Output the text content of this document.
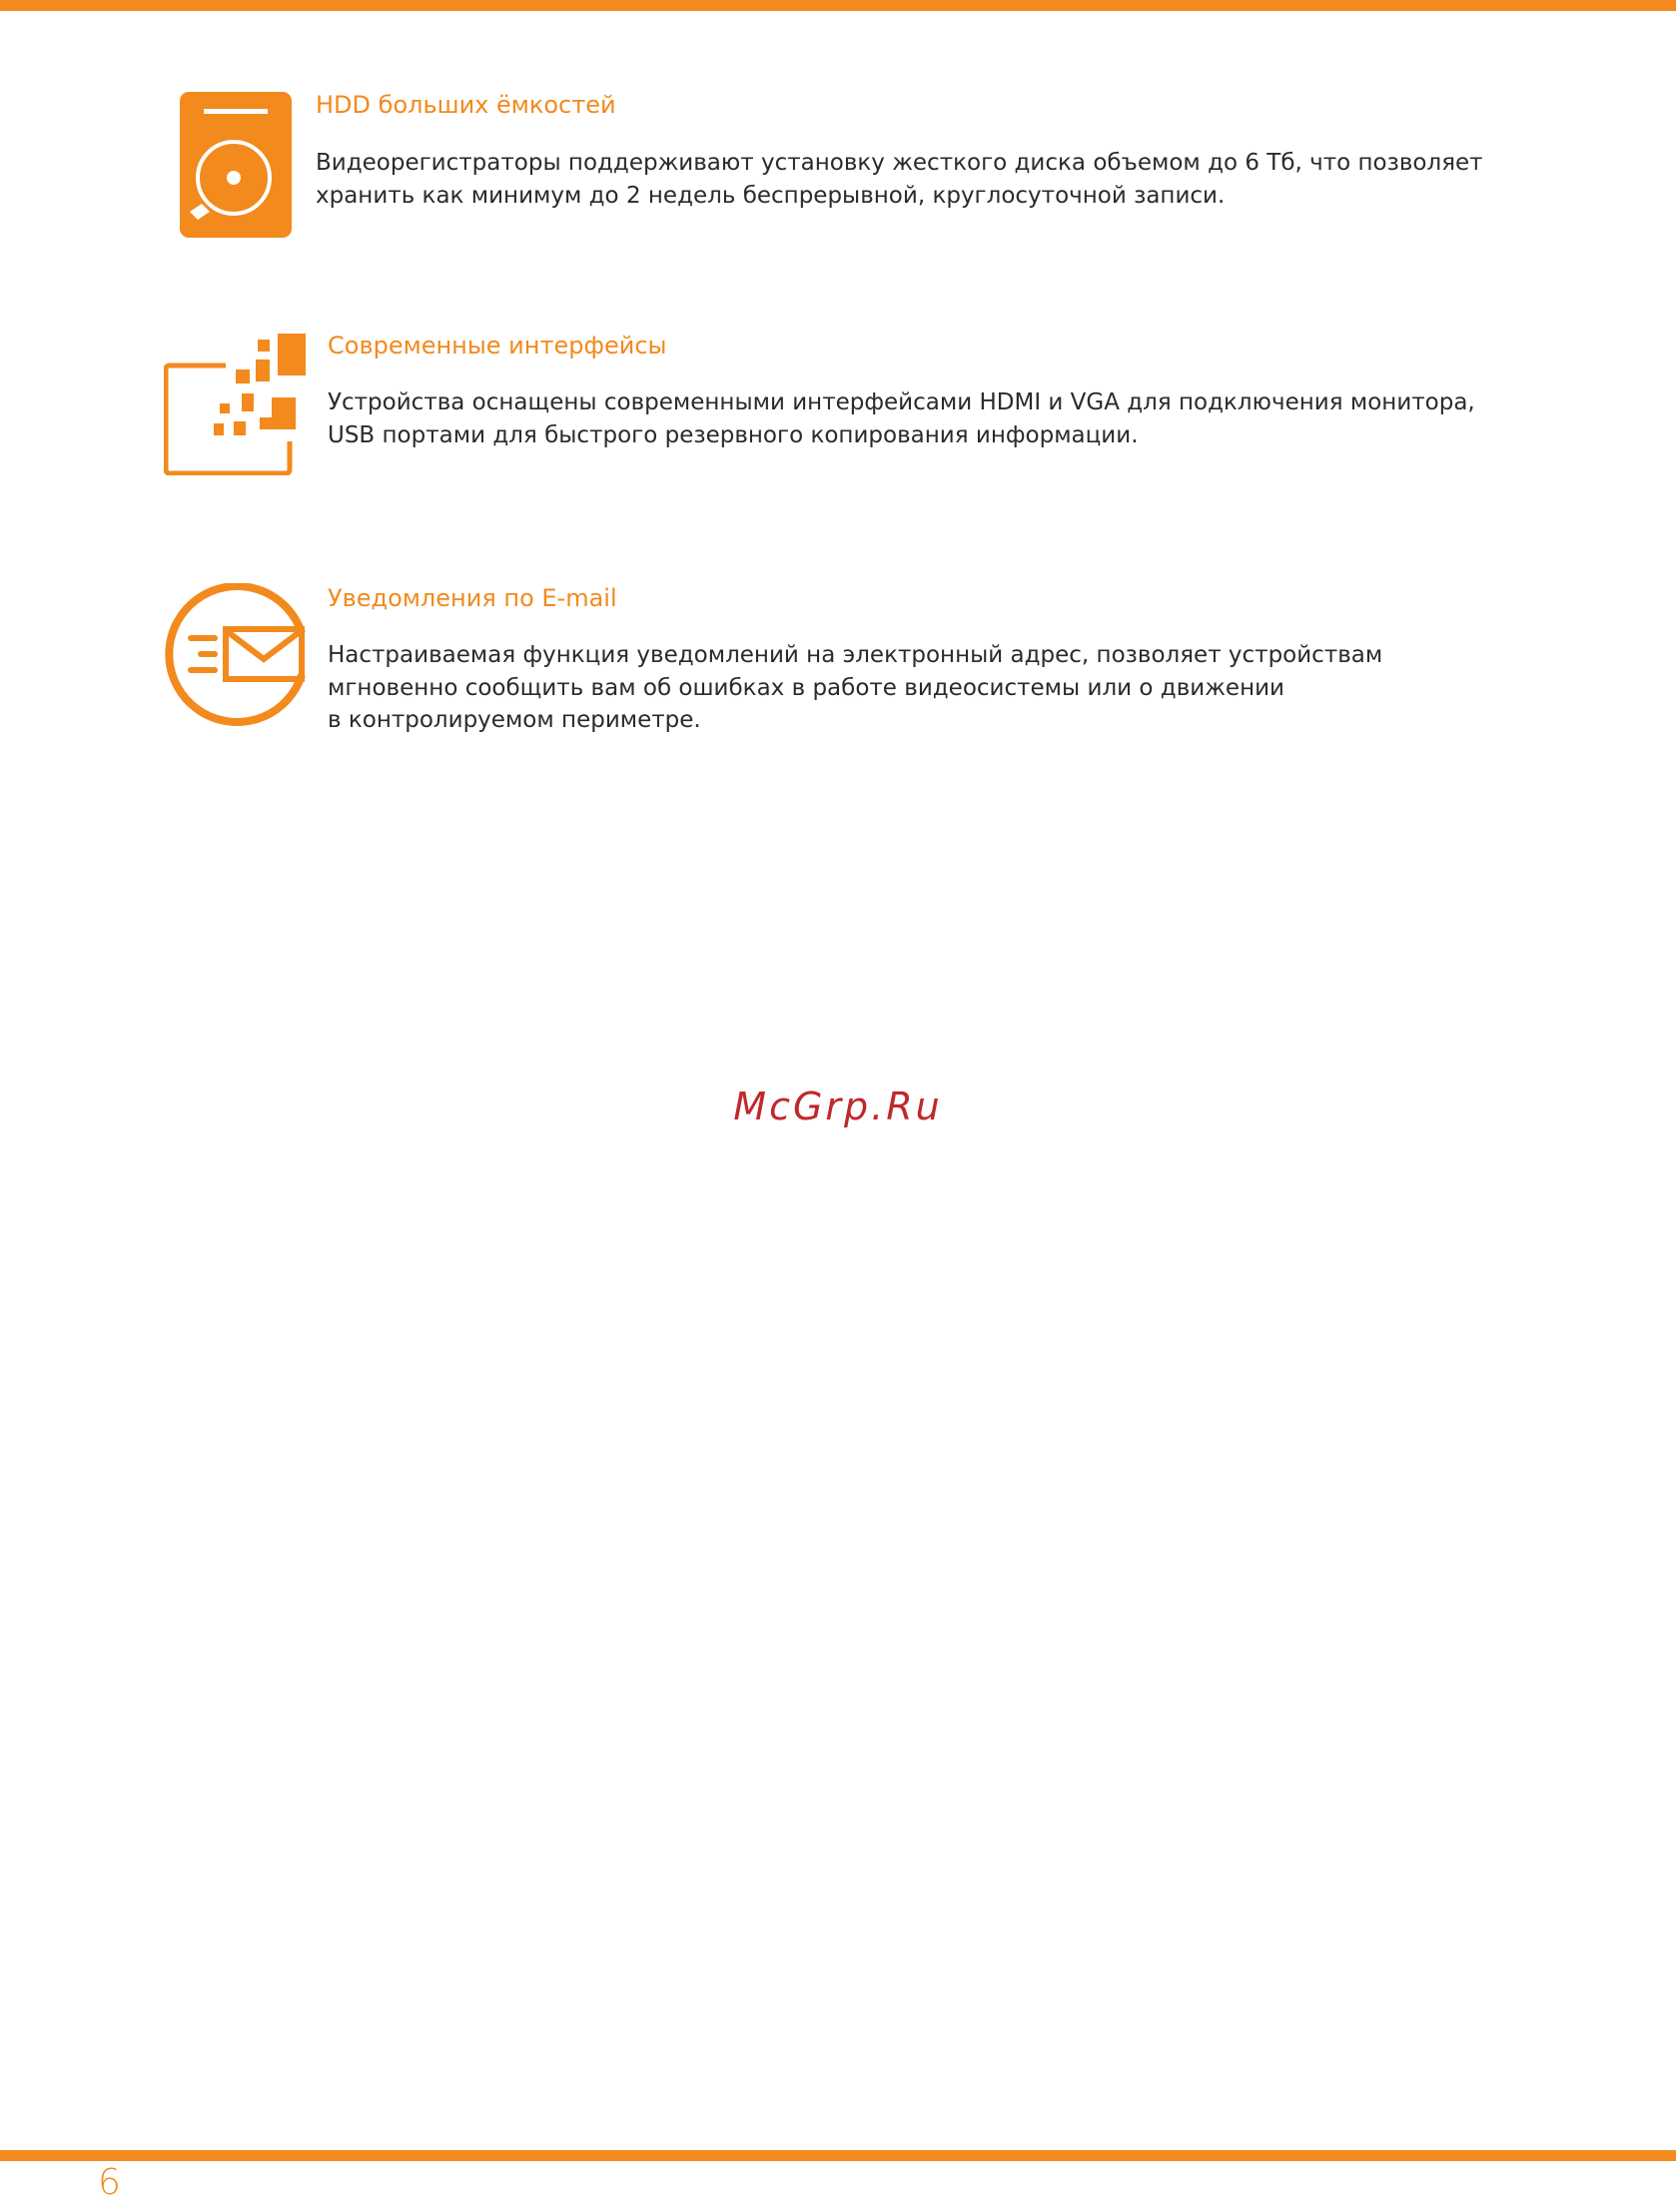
HDD больших ёмкостей
Видеорегистраторы поддерживают установку жесткого диска объемом до 6 Тб, что позволяет
хранить как минимум до 2 недель беспрерывной, круглосуточной записи.
Современные интерфейсы
Устройства оснащены современными интерфейсами HDMI и VGA для подключения монитора,
USB портами для быстрого резервного копирования информации.
Уведомления по E-mail
Настраиваемая функция уведомлений на электронный адрес, позволяет устройствам
мгновенно сообщить вам об ошибках в работе видеосистемы или о движении
в контролируемом периметре.
McGrp.Ru
6
